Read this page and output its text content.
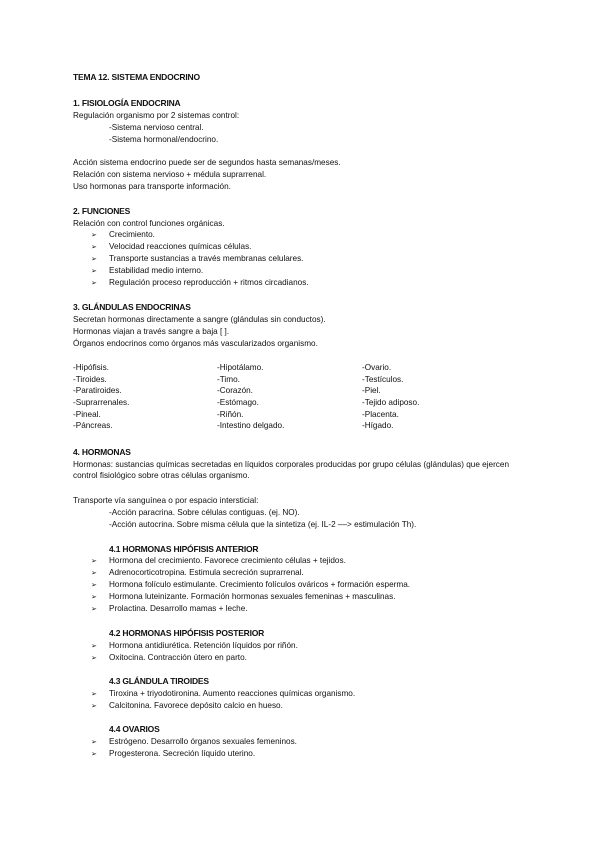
TEMA 12. SISTEMA ENDOCRINO
1. FISIOLOGÍA ENDOCRINA
Regulación organismo por 2 sistemas control:
-Sistema nervioso central.
-Sistema hormonal/endocrino.
Acción sistema endocrino puede ser de segundos hasta semanas/meses.
Relación con sistema nervioso + médula suprarrenal.
Uso hormonas para transporte información.
2. FUNCIONES
Relación con control funciones orgánicas.
➢ Crecimiento.
➢ Velocidad reacciones químicas células.
➢ Transporte sustancias a través membranas celulares.
➢ Estabilidad medio interno.
➢ Regulación proceso reproducción + ritmos circadianos.
3. GLÁNDULAS ENDOCRINAS
Secretan hormonas directamente a sangre (glándulas sin conductos).
Hormonas viajan a través sangre a baja [ ].
Órganos endocrinos como órganos más vascularizados organismo.
-Hipófisis.
-Tiroides.
-Paratiroides.
-Suprarrenales.
-Pineal.
-Páncreas.
-Hipotálamo.
-Timo.
-Corazón.
-Estómago.
-Riñón.
-Intestino delgado.
-Ovario.
-Testículos.
-Piel.
-Tejido adiposo.
-Placenta.
-Hígado.
4. HORMONAS
Hormonas: sustancias químicas secretadas en líquidos corporales producidas por grupo células (glándulas) que ejercen control fisiológico sobre otras células organismo.
Transporte vía sanguínea o por espacio intersticial:
-Acción paracrina. Sobre células contiguas. (ej. NO).
-Acción autocrina. Sobre misma célula que la sintetiza (ej. IL-2 ––> estimulación Th).
4.1 HORMONAS HIPÓFISIS ANTERIOR
➢ Hormona del crecimiento. Favorece crecimiento células + tejidos.
➢ Adrenocorticotropina. Estimula secreción suprarrenal.
➢ Hormona folículo estimulante. Crecimiento folículos ováricos + formación esperma.
➢ Hormona luteinizante. Formación hormonas sexuales femeninas + masculinas.
➢ Prolactina. Desarrollo mamas + leche.
4.2 HORMONAS HIPÓFISIS POSTERIOR
➢ Hormona antidiurética. Retención líquidos por riñón.
➢ Oxitocina. Contracción útero en parto.
4.3 GLÁNDULA TIROIDES
➢ Tiroxina + triyodotironina. Aumento reacciones químicas organismo.
➢ Calcitonina. Favorece depósito calcio en hueso.
4.4 OVARIOS
➢ Estrógeno. Desarrollo órganos sexuales femeninos.
➢ Progesterona. Secreción líquido uterino.
